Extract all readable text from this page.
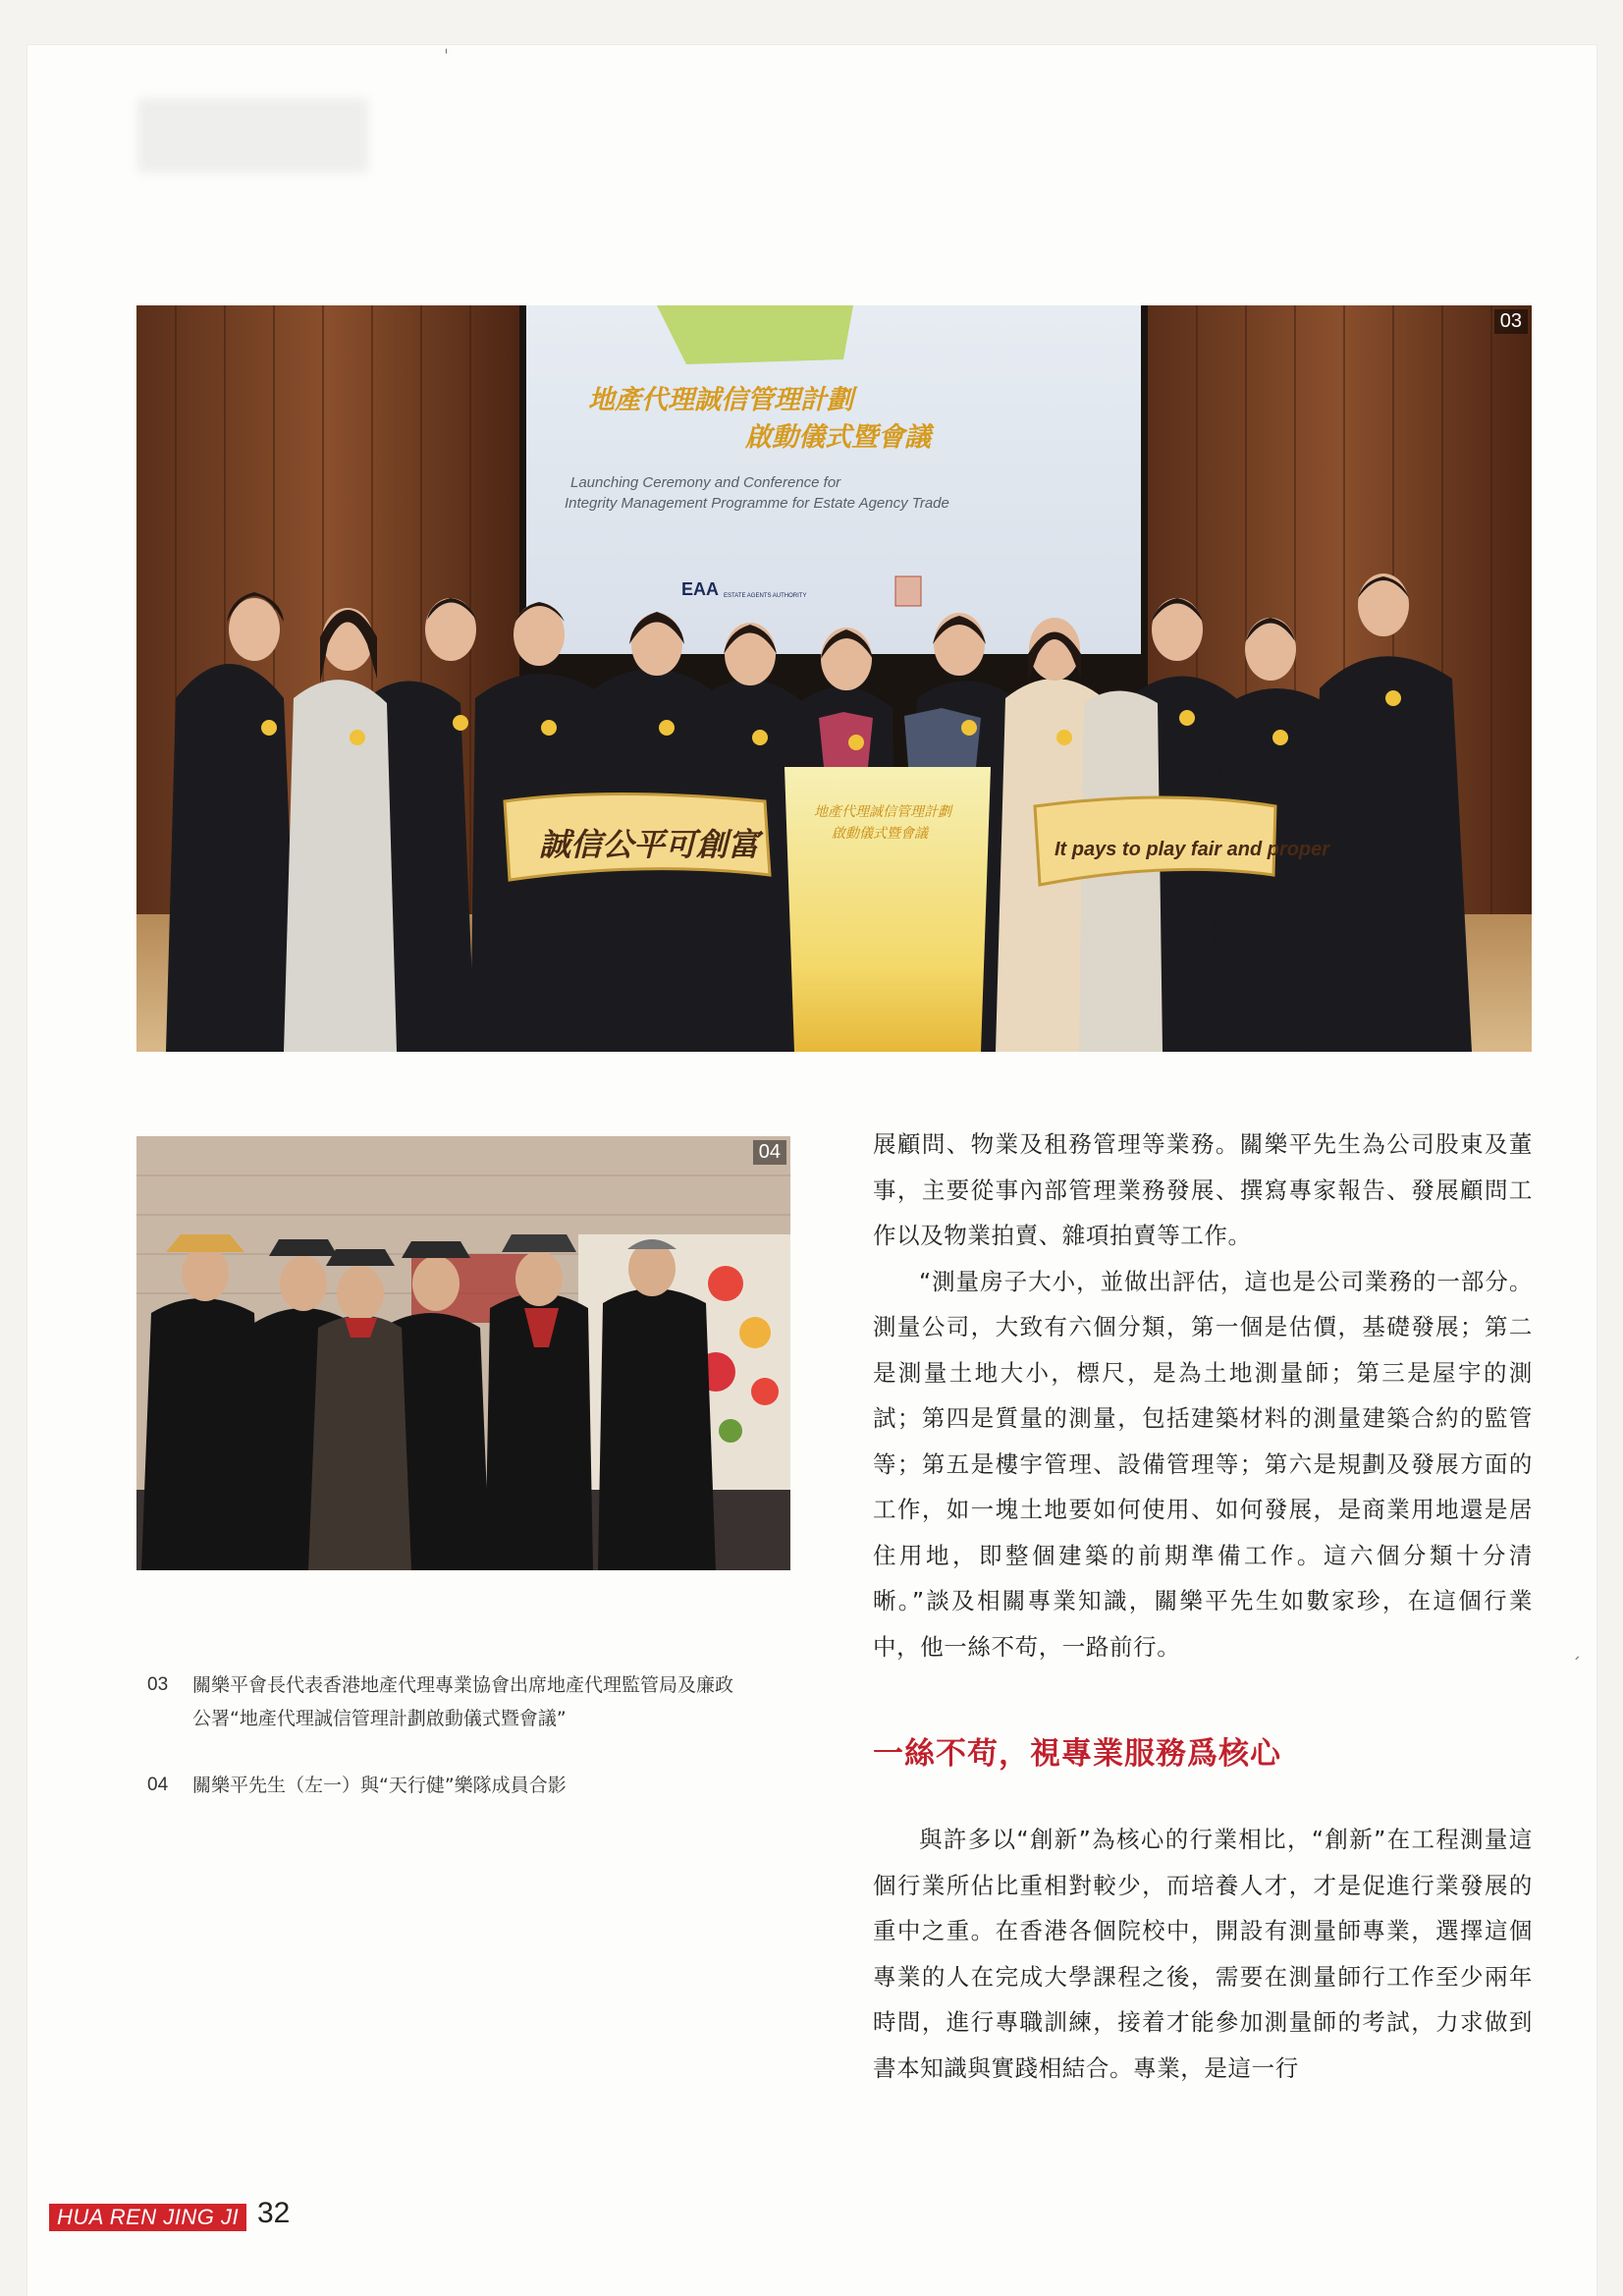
地產代理誠信管理計劃
啟動儀式暨會議
Launching Ceremony and Conference for
Integrity Management Programme for Estate Agency Trade
EAA ESTATE AGENTS AUTHORITY
地產代理誠信管理計劃
啟動儀式暨會議
誠信公平可創富	It pays to play fair and proper
03
04
03 關樂平會長代表香港地產代理專業協會出席地產代理監管局及廉政公署“地產代理誠信管理計劃啟動儀式暨會議”
04 關樂平先生（左一）與“天行健”樂隊成員合影

展顧問、物業及租務管理等業務。關樂平先生為公司股東及董事，主要從事內部管理業務發展、撰寫專家報告、發展顧問工作以及物業拍賣、雜項拍賣等工作。

“測量房子大小，並做出評估，這也是公司業務的一部分。測量公司，大致有六個分類，第一個是估價，基礎發展；第二是測量土地大小，標尺，是為土地測量師；第三是屋宇的測試；第四是質量的測量，包括建築材料的測量建築合約的監管等；第五是樓宇管理、設備管理等；第六是規劃及發展方面的工作，如一塊土地要如何使用、如何發展，是商業用地還是居住用地，即整個建築的前期準備工作。這六個分類十分清晰。”談及相關專業知識，關樂平先生如數家珍，在這個行業中，他一絲不苟，一路前行。

一絲不苟，視專業服務爲核心

與許多以“創新”為核心的行業相比，“創新”在工程測量這個行業所佔比重相對較少，而培養人才，才是促進行業發展的重中之重。在香港各個院校中，開設有測量師專業，選擇這個專業的人在完成大學課程之後，需要在測量師行工作至少兩年時間，進行專職訓練，接着才能參加測量師的考試，力求做到書本知識與實踐相結合。專業，是這一行

HUA REN JING JI 32
ˌ
ˏ
